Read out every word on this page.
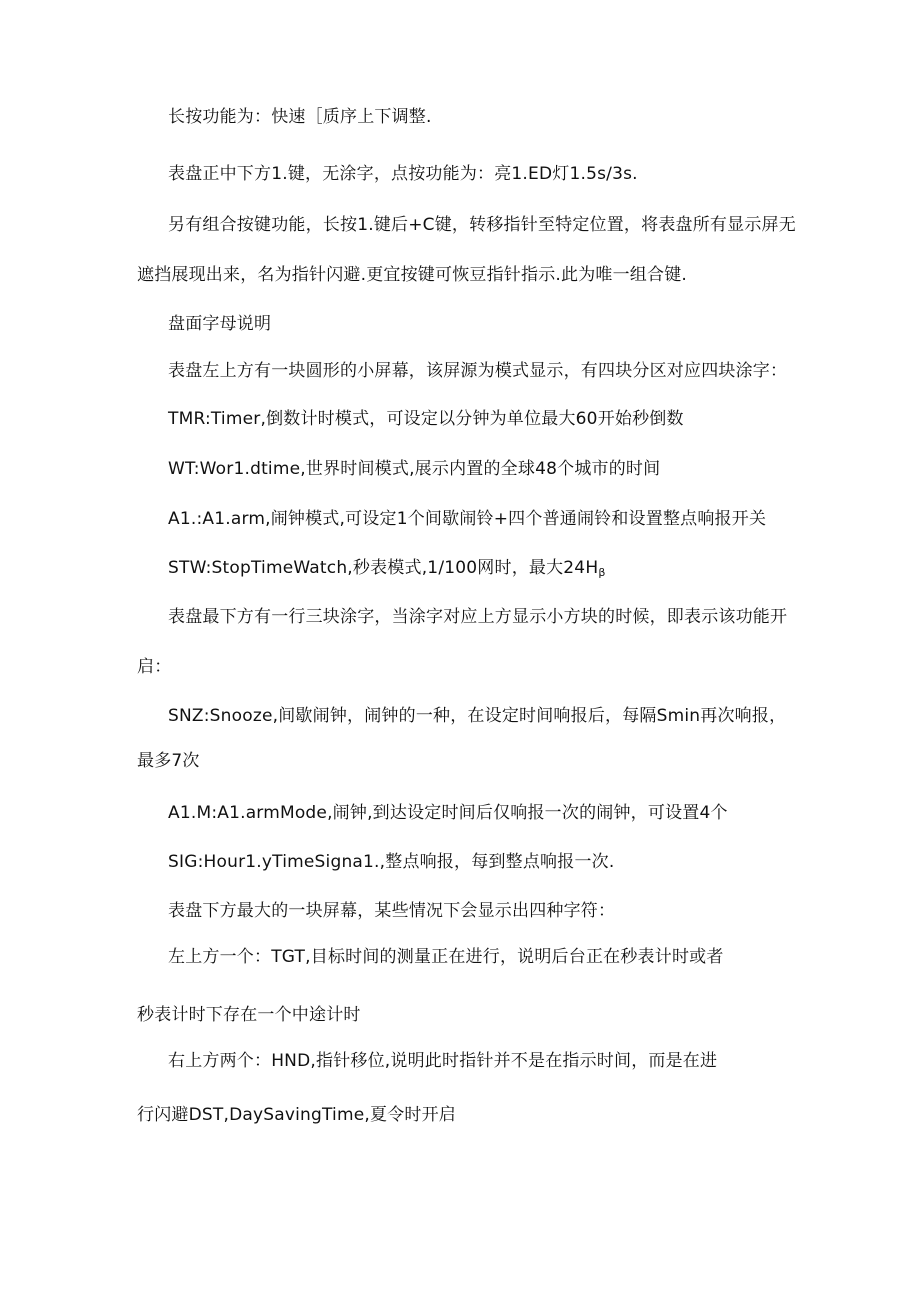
长按功能为：快速［质序上下调整.
表盘正中下方1.键，无涂字，点按功能为：亮1.ED灯1.5s∕3s.
另有组合按键功能，长按1.键后+C键，转移指针至特定位置，将表盘所有显示屏无
遮挡展现出来，名为指针闪避.更宜按键可恢豆指针指示.此为唯一组合键.
盘面字母说明
表盘左上方有一块圆形的小屏幕，该屏源为模式显示，有四块分区对应四块涂字：
TMR:Timer,倒数计时模式，可设定以分钟为单位最大60开始秒倒数
WT:Wor1.dtime,世界时间模式,展示内置的全球48个城市的时间
A1.:A1.arm,闹钟模式,可设定1个间歇闹铃+四个普通闹铃和设置整点响报开关
STW:StopTimeWatch,秒表模式,1/100网时，最大$24H_\beta$
表盘最下方有一行三块涂字，当涂字对应上方显示小方块的时候，即表示该功能开
启：
SNZ:Snooze,间歇闹钟，闹钟的一种，在设定时间响报后，每隔Smin再次响报，
最多7次
A1.M:A1.armMode,闹钟,到达设定时间后仅响报一次的闹钟，可设置4个
SIG:Hour1.yTimeSigna1.,整点响报，每到整点响报一次.
表盘下方最大的一块屏幕，某些情况下会显示出四种字符：
左上方一个：TGT,目标时间的测量正在进行，说明后台正在秒表计时或者
秒表计时下存在一个中途计时
右上方两个：HND,指针移位,说明此时指针并不是在指示时间，而是在进
行闪避DST,DaySavingTime,夏令时开启
